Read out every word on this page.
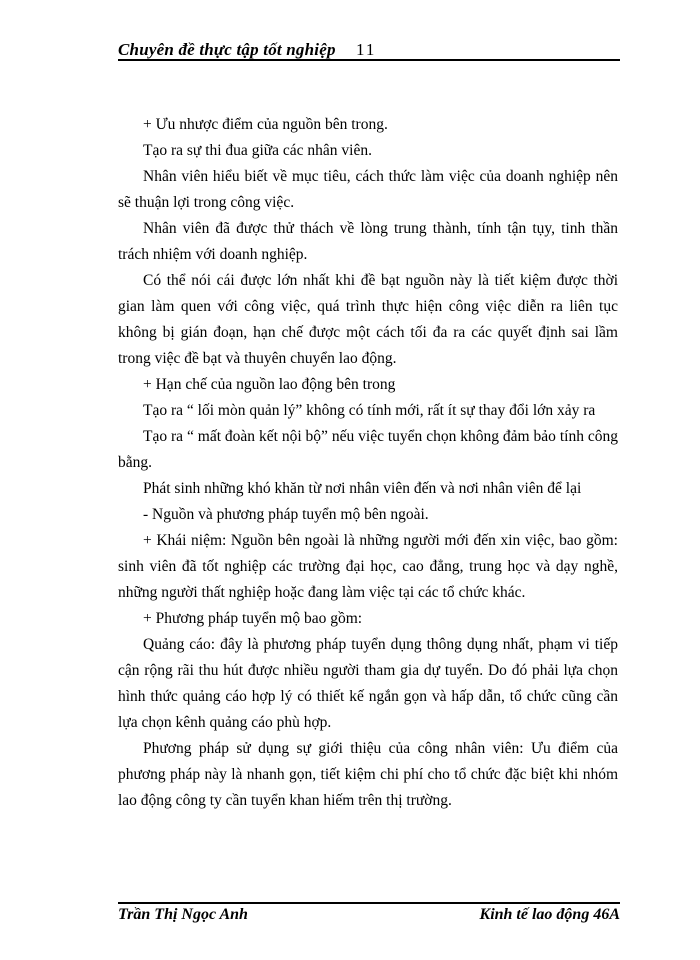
Chuyên đề thực tập tốt nghiệp 11

+ Ưu nhược điểm của nguồn bên trong.

Tạo ra sự thi đua giữa các nhân viên.

Nhân viên hiểu biết về mục tiêu, cách thức làm việc của doanh nghiệp nên sẽ thuận lợi trong công việc.

Nhân viên đã được thử thách về lòng trung thành, tính tận tụy, tinh thần trách nhiệm với doanh nghiệp.

Có thể nói cái được lớn nhất khi đề bạt nguồn này là tiết kiệm được thời gian làm quen với công việc, quá trình thực hiện công việc diễn ra liên tục không bị gián đoạn, hạn chế được một cách tối đa ra các quyết định sai lầm trong việc đề bạt và thuyên chuyển lao động.

+ Hạn chế của nguồn lao động bên trong

Tạo ra “ lối mòn quản lý” không có tính mới, rất ít sự thay đổi lớn xảy ra

Tạo ra “ mất đoàn kết nội bộ” nếu việc tuyển chọn không đảm bảo tính công bằng.

Phát sinh những khó khăn từ nơi nhân viên đến và nơi nhân viên để lại

- Nguồn và phương pháp tuyển mộ bên ngoài.

+ Khái niệm: Nguồn bên ngoài là những người mới đến xin việc, bao gồm: sinh viên đã tốt nghiệp các trường đại học, cao đẳng, trung học và dạy nghề, những người thất nghiệp hoặc đang làm việc tại các tổ chức khác.

+ Phương pháp tuyển mộ bao gồm:

Quảng cáo: đây là phương pháp tuyển dụng thông dụng nhất, phạm vi tiếp cận rộng rãi thu hút được nhiều người tham gia dự tuyển. Do đó phải lựa chọn hình thức quảng cáo hợp lý có thiết kế ngắn gọn và hấp dẫn, tổ chức cũng cần lựa chọn kênh quảng cáo phù hợp.

Phương pháp sử dụng sự giới thiệu của công nhân viên: Ưu điểm của phương pháp này là nhanh gọn, tiết kiệm chi phí cho tổ chức đặc biệt khi nhóm lao động công ty cần tuyển khan hiếm trên thị trường.

Trần Thị Ngọc Anh	Kinh tế lao động 46A
